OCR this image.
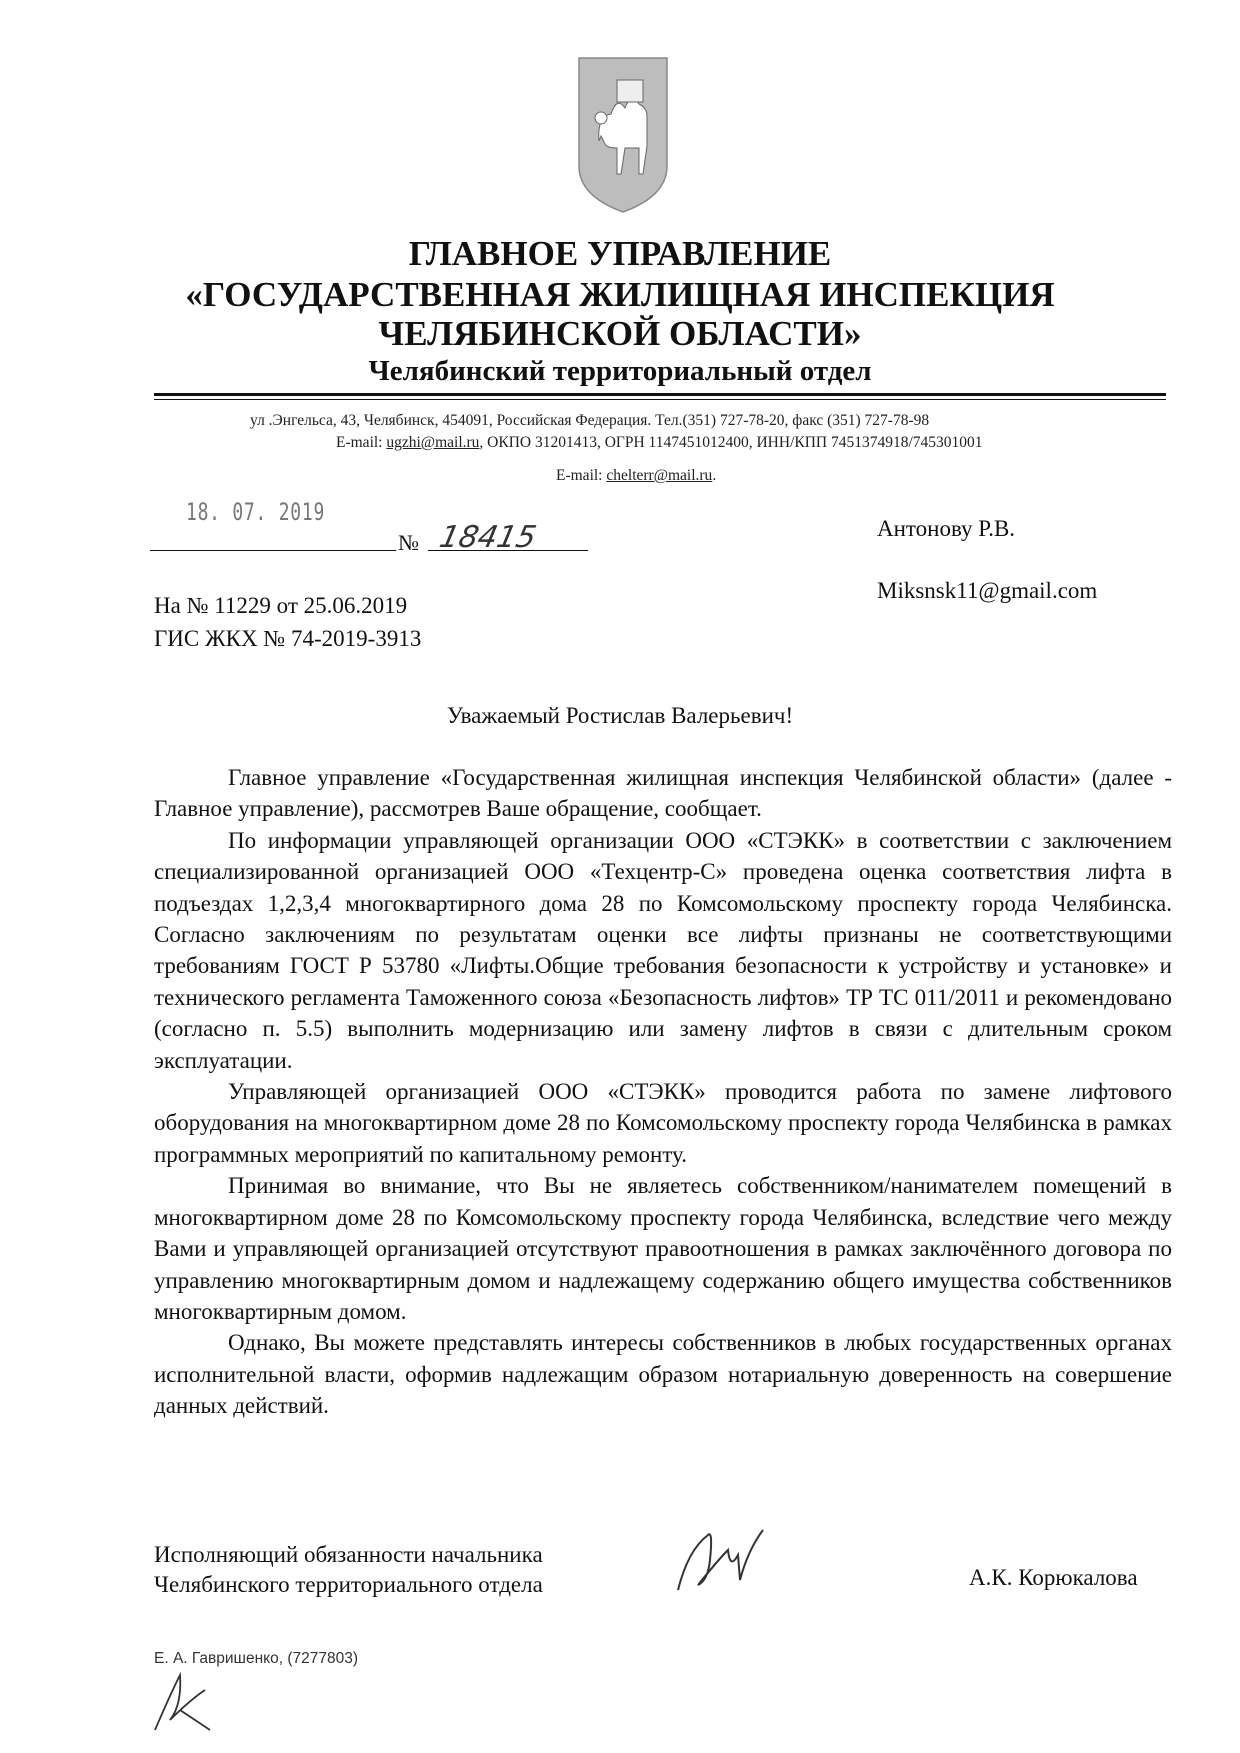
ГЛАВНОЕ УПРАВЛЕНИЕ
«ГОСУДАРСТВЕННАЯ ЖИЛИЩНАЯ ИНСПЕКЦИЯ
ЧЕЛЯБИНСКОЙ ОБЛАСТИ»
Челябинский территориальный отдел
ул .Энгельса, 43, Челябинск, 454091, Российская Федерация. Тел.(351) 727-78-20, факс (351) 727-78-98
E-mail: ugzhi@mail.ru, ОКПО 31201413, ОГРН 1147451012400, ИНН/КПП 7451374918/745301001
E-mail: chelterr@mail.ru.
18. 07. 2019
№ 18415	Антонову Р.В.
Miksnsk11@gmail.com
На № 11229 от 25.06.2019
ГИС ЖКХ № 74-2019-3913
Уважаемый Ростислав Валерьевич!

Главное управление «Государственная жилищная инспекция Челябинской области» (далее - Главное управление), рассмотрев Ваше обращение, сообщает.

По информации управляющей организации ООО «СТЭКК» в соответствии с заключением специализированной организацией ООО «Техцентр-С» проведена оценка соответствия лифта в подъездах 1,2,3,4 многоквартирного дома 28 по Комсомольскому проспекту города Челябинска. Согласно заключениям по результатам оценки все лифты признаны не соответствующими требованиям ГОСТ Р 53780 «Лифты.Общие требования безопасности к устройству и установке» и технического регламента Таможенного союза «Безопасность лифтов» ТР ТС 011/2011 и рекомендовано (согласно п. 5.5) выполнить модернизацию или замену лифтов в связи с длительным сроком эксплуатации.

Управляющей организацией ООО «СТЭКК» проводится работа по замене лифтового оборудования на многоквартирном доме 28 по Комсомольскому проспекту города Челябинска в рамках программных мероприятий по капитальному ремонту.

Принимая во внимание, что Вы не являетесь собственником/нанимателем помещений в многоквартирном доме 28 по Комсомольскому проспекту города Челябинска, вследствие чего между Вами и управляющей организацией отсутствуют правоотношения в рамках заключённого договора по управлению многоквартирным домом и надлежащему содержанию общего имущества собственников многоквартирным домом.

Однако, Вы можете представлять интересы собственников в любых государственных органах исполнительной власти, оформив надлежащим образом нотариальную доверенность на совершение данных действий.

Исполняющий обязанности начальника
Челябинского территориального отдела	А.К. Корюкалова
Е. А. Гавришенко, (7277803)
